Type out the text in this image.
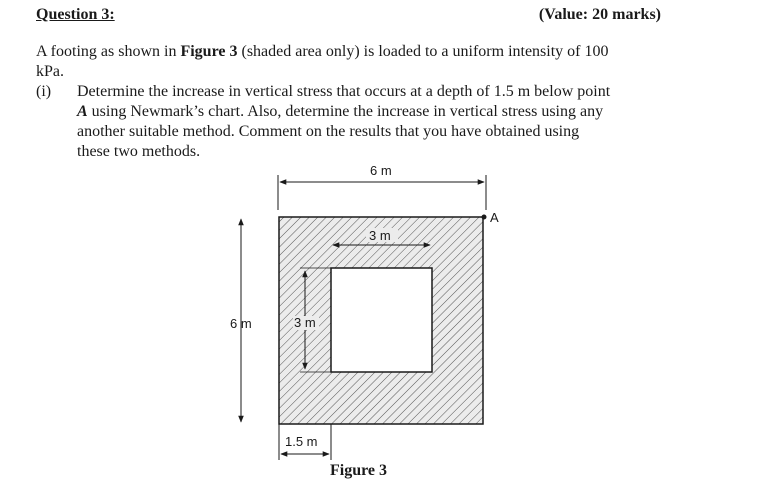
Question 3:	(Value: 20 marks)
A footing as shown in Figure 3 (shaded area only) is loaded to a uniform intensity of 100
kPa.
(i) Determine the increase in vertical stress that occurs at a depth of 1.5 m below point
A using Newmark’s chart. Also, determine the increase in vertical stress using any
another suitable method. Comment on the results that you have obtained using
these two methods.
6 m
3 m
A
6 m	3 m
1.5 m
Figure 3
